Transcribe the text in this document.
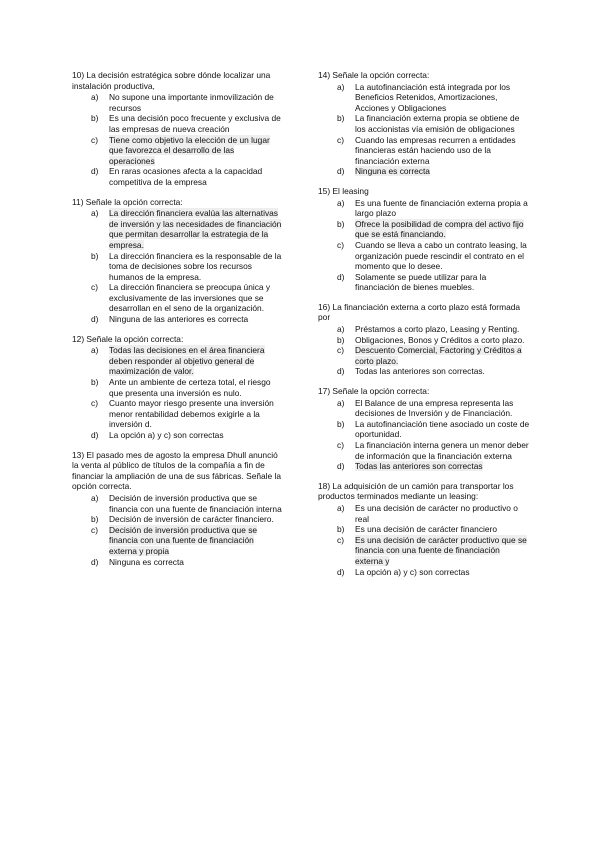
10) La decisión estratégica sobre dónde localizar una instalación productiva,
a) No supone una importante inmovilización de recursos
b) Es una decisión poco frecuente y exclusiva de las empresas de nueva creación
c) Tiene como objetivo la elección de un lugar que favorezca el desarrollo de las operaciones
d) En raras ocasiones afecta a la capacidad competitiva de la empresa
11) Señale la opción correcta:
a) La dirección financiera evalúa las alternativas de inversión y las necesidades de financiación que permitan desarrollar la estrategia de la empresa.
b) La dirección financiera es la responsable de la toma de decisiones sobre los recursos humanos de la empresa.
c) La dirección financiera se preocupa única y exclusivamente de las inversiones que se desarrollan en el seno de la organización.
d) Ninguna de las anteriores es correcta
12) Señale la opción correcta:
a) Todas las decisiones en el área financiera deben responder al objetivo general de maximización de valor.
b) Ante un ambiente de certeza total, el riesgo que presenta una inversión es nulo.
c) Cuanto mayor riesgo presente una inversión menor rentabilidad debemos exigirle a la inversión d.
d) La opción a) y c) son correctas
13) El pasado mes de agosto la empresa Dhull anunció la venta al público de títulos de la compañía a fin de financiar la ampliación de una de sus fábricas. Señale la opción correcta.
a) Decisión de inversión productiva que se financia con una fuente de financiación interna
b) Decisión de inversión de carácter financiero.
c) Decisión de inversión productiva que se financia con una fuente de financiación externa y propia
d) Ninguna es correcta
14) Señale la opción correcta:
a) La autofinanciación está integrada por los Beneficios Retenidos, Amortizaciones, Acciones y Obligaciones
b) La financiación externa propia se obtiene de los accionistas vía emisión de obligaciones
c) Cuando las empresas recurren a entidades financieras están haciendo uso de la financiación externa
d) Ninguna es correcta
15) El leasing
a) Es una fuente de financiación externa propia a largo plazo
b) Ofrece la posibilidad de compra del activo fijo que se está financiando.
c) Cuando se lleva a cabo un contrato leasing, la organización puede rescindir el contrato en el momento que lo desee.
d) Solamente se puede utilizar para la financiación de bienes muebles.
16) La financiación externa a corto plazo está formada por
a) Préstamos a corto plazo, Leasing y Renting.
b) Obligaciones, Bonos y Créditos a corto plazo.
c) Descuento Comercial, Factoring y Créditos a corto plazo.
d) Todas las anteriores son correctas.
17) Señale la opción correcta:
a) El Balance de una empresa representa las decisiones de Inversión y de Financiación.
b) La autofinanciación tiene asociado un coste de oportunidad.
c) La financiación interna genera un menor deber de información que la financiación externa
d) Todas las anteriores son correctas
18) La adquisición de un camión para transportar los productos terminados mediante un leasing:
a) Es una decisión de carácter no productivo o real
b) Es una decisión de carácter financiero
c) Es una decisión de carácter productivo que se financia con una fuente de financiación externa y
d) La opción a) y c) son correctas
